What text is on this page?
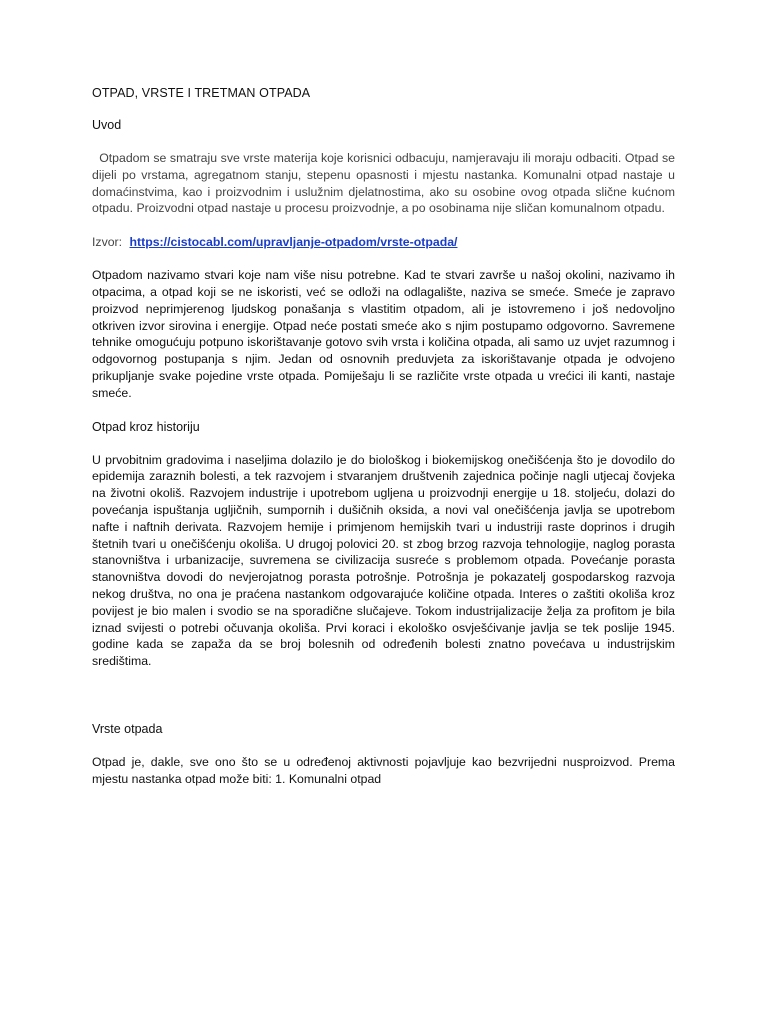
OTPAD, VRSTE I TRETMAN OTPADA
Uvod

Otpadom se smatraju sve vrste materija koje korisnici odbacuju, namjeravaju ili moraju odbaciti. Otpad se dijeli po vrstama, agregatnom stanju, stepenu opasnosti i mjestu nastanka. Komunalni otpad nastaje u domaćinstvima, kao i proizvodnim i uslužnim djelatnostima, ako su osobine ovog otpada slične kućnom otpadu. Proizvodni otpad nastaje u procesu proizvodnje, a po osobinama nije sličan komunalnom otpadu.

Izvor: https://cistocabl.com/upravljanje-otpadom/vrste-otpada/

Otpadom nazivamo stvari koje nam više nisu potrebne. Kad te stvari završe u našoj okolini, nazivamo ih otpacima, a otpad koji se ne iskoristi, već se odloži na odlagalište, naziva se smeće. Smeće je zapravo proizvod neprimjerenog ljudskog ponašanja s vlastitim otpadom, ali je istovremeno i još nedovoljno otkriven izvor sirovina i energije. Otpad neće postati smeće ako s njim postupamo odgovorno. Savremene tehnike omogućuju potpuno iskorištavanje gotovo svih vrsta i količina otpada, ali samo uz uvjet razumnog i odgovornog postupanja s njim. Jedan od osnovnih preduvjeta za iskorištavanje otpada je odvojeno prikupljanje svake pojedine vrste otpada. Pomiješaju li se različite vrste otpada u vrećici ili kanti, nastaje smeće.

Otpad kroz historiju

U prvobitnim gradovima i naseljima dolazilo je do biološkog i biokemijskog onečišćenja što je dovodilo do epidemija zaraznih bolesti, a tek razvojem i stvaranjem društvenih zajednica počinje nagli utjecaj čovjeka na životni okoliš. Razvojem industrije i upotrebom ugljena u proizvodnji energije u 18. stoljeću, dolazi do povećanja ispuštanja ugljičnih, sumpornih i dušičnih oksida, a novi val onečišćenja javlja se upotrebom nafte i naftnih derivata. Razvojem hemije i primjenom hemijskih tvari u industriji raste doprinos i drugih štetnih tvari u onečišćenju okoliša. U drugoj polovici 20. st zbog brzog razvoja tehnologije, naglog porasta stanovništva i urbanizacije, suvremena se civilizacija susreće s problemom otpada. Povećanje porasta stanovništva dovodi do nevjerojatnog porasta potrošnje. Potrošnja je pokazatelj gospodarskog razvoja nekog društva, no ona je praćena nastankom odgovarajuće količine otpada. Interes o zaštiti okoliša kroz povijest je bio malen i svodio se na sporadične slučajeve. Tokom industrijalizacije želja za profitom je bila iznad svijesti o potrebi očuvanja okoliša. Prvi koraci i ekološko osvješćivanje javlja se tek poslije 1945. godine kada se zapaža da se broj bolesnih od određenih bolesti znatno povećava u industrijskim središtima.

Vrste otpada

Otpad je, dakle, sve ono što se u određenoj aktivnosti pojavljuje kao bezvrijedni nusproizvod. Prema mjestu nastanka otpad može biti: 1. Komunalni otpad
